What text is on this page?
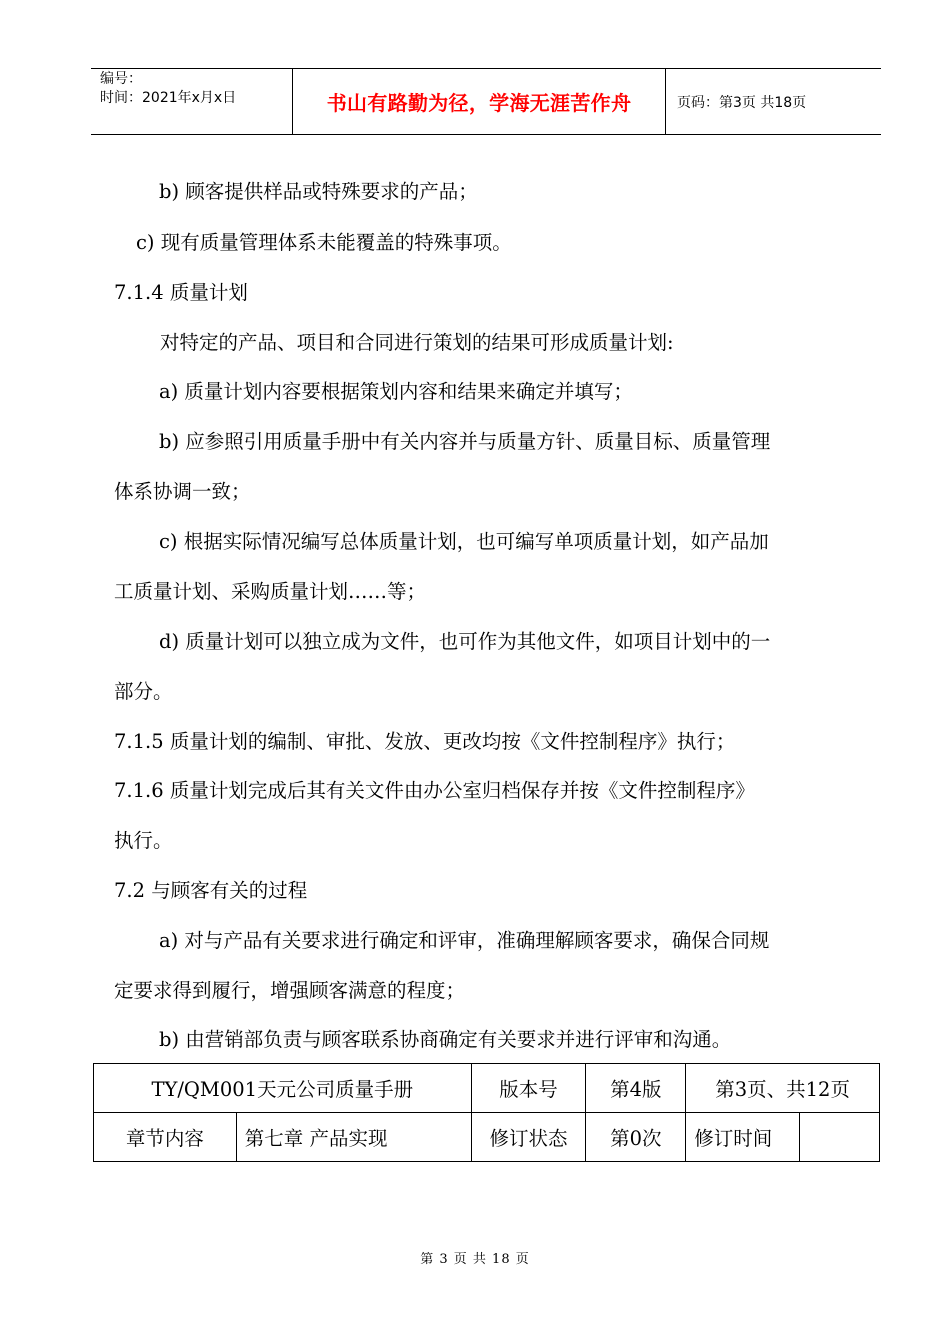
编号：
时间：2021年x月x日	书山有路勤为径，学海无涯苦作舟	页码：第3页 共18页
b) 顾客提供样品或特殊要求的产品；
c) 现有质量管理体系未能覆盖的特殊事项。
7.1.4 质量计划
对特定的产品、项目和合同进行策划的结果可形成质量计划:
a) 质量计划内容要根据策划内容和结果来确定并填写；
b) 应参照引用质量手册中有关内容并与质量方针、质量目标、质量管理
体系协调一致；
c) 根据实际情况编写总体质量计划，也可编写单项质量计划，如产品加
工质量计划、采购质量计划……等；
d) 质量计划可以独立成为文件，也可作为其他文件，如项目计划中的一
部分。
7.1.5 质量计划的编制、审批、发放、更改均按《文件控制程序》执行；
7.1.6 质量计划完成后其有关文件由办公室归档保存并按《文件控制程序》
执行。
7.2 与顾客有关的过程
a) 对与产品有关要求进行确定和评审，准确理解顾客要求，确保合同规
定要求得到履行，增强顾客满意的程度；
b) 由营销部负责与顾客联系协商确定有关要求并进行评审和沟通。
TY/QM001天元公司质量手册		版本号	第4版	第3页、共12页	
章节内容	第七章 产品实现	修订状态	第0次	修订时间	
第 3 页 共 18 页
